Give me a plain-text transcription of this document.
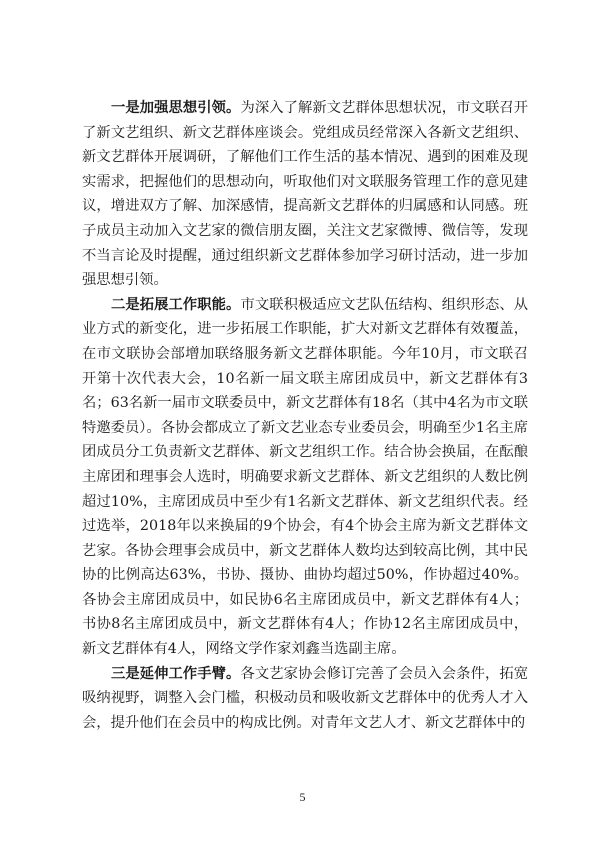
一是加强思想引领。为深入了解新文艺群体思想状况，市文联召开了新文艺组织、新文艺群体座谈会。党组成员经常深入各新文艺组织、新文艺群体开展调研，了解他们工作生活的基本情况、遇到的困难及现实需求，把握他们的思想动向，听取他们对文联服务管理工作的意见建议，增进双方了解、加深感情，提高新文艺群体的归属感和认同感。班子成员主动加入文艺家的微信朋友圈，关注文艺家微博、微信等，发现不当言论及时提醒，通过组织新文艺群体参加学习研讨活动，进一步加强思想引领。

二是拓展工作职能。市文联积极适应文艺队伍结构、组织形态、从业方式的新变化，进一步拓展工作职能，扩大对新文艺群体有效覆盖，在市文联协会部增加联络服务新文艺群体职能。今年10月，市文联召开第十次代表大会，10名新一届文联主席团成员中，新文艺群体有3名；63名新一届市文联委员中，新文艺群体有18名（其中4名为市文联特邀委员）。各协会都成立了新文艺业态专业委员会，明确至少1名主席团成员分工负责新文艺群体、新文艺组织工作。结合协会换届，在酝酿主席团和理事会人选时，明确要求新文艺群体、新文艺组织的人数比例超过10%，主席团成员中至少有1名新文艺群体、新文艺组织代表。经过选举，2018年以来换届的9个协会，有4个协会主席为新文艺群体文艺家。各协会理事会成员中，新文艺群体人数均达到较高比例，其中民协的比例高达63%，书协、摄协、曲协均超过50%，作协超过40%。各协会主席团成员中，如民协6名主席团成员中，新文艺群体有4人；书协8名主席团成员中，新文艺群体有4人；作协12名主席团成员中，新文艺群体有4人，网络文学作家刘鑫当选副主席。

三是延伸工作手臂。各文艺家协会修订完善了会员入会条件，拓宽吸纳视野，调整入会门槛，积极动员和吸收新文艺群体中的优秀人才入会，提升他们在会员中的构成比例。对青年文艺人才、新文艺群体中的

5
